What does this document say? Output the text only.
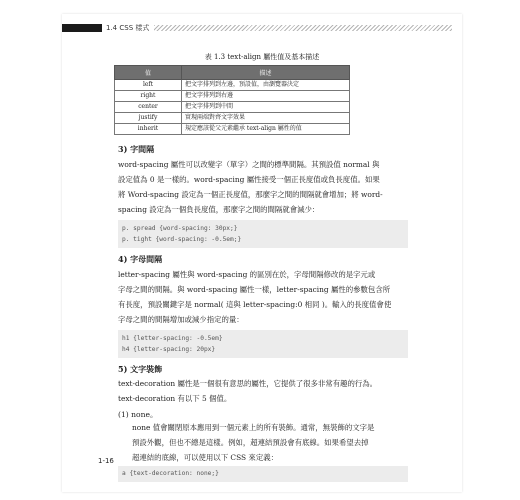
1.4 CSS 樣式
表 1.3 text-align 屬性值及基本描述
值	描述
left	把文字排列到左邊，預設值，由瀏覽器決定
right	把文字排列到右邊
center	把文字排列到中間
justify	實現兩端對齊文字效果
inherit	規定應該從父元素繼承 text-align 屬性的值
3) 字間隔
word-spacing 屬性可以改變字（單字）之間的標準間隔。其預設值 normal 與
設定值為 0 是一樣的。word-spacing 屬性接受一個正長度值或負長度值。如果
將 Word-spacing 設定為一個正長度值，那麼字之間的間隔就會增加；將 word-
spacing 設定為一個負長度值，那麼字之間的間隔就會減少：
p. spread {word-spacing: 30px;}
p. tight {word-spacing: -0.5em;}
4) 字母間隔
letter-spacing 屬性與 word-spacing 的區別在於，字母間隔修改的是字元或
字母之間的間隔。與 word-spacing 屬性一樣，letter-spacing 屬性的參數包含所
有長度，預設關鍵字是 normal( 這與 letter-spacing:0 相同 )。輸入的長度值會使
字母之間的間隔增加或減少指定的量：
h1 {letter-spacing: -0.5em}
h4 {letter-spacing: 20px}
5) 文字裝飾
text-decoration 屬性是一個很有意思的屬性，它提供了很多非常有趣的行為。
text-decoration 有以下 5 個值。
(1) none。
none 值會關閉原本應用到一個元素上的所有裝飾。通常，無裝飾的文字是
預設外觀，但也不總是這樣。例如，超連結預設會有底線。如果希望去掉
超連結的底線，可以使用以下 CSS 來定義：
a {text-decoration: none;}
1-16
